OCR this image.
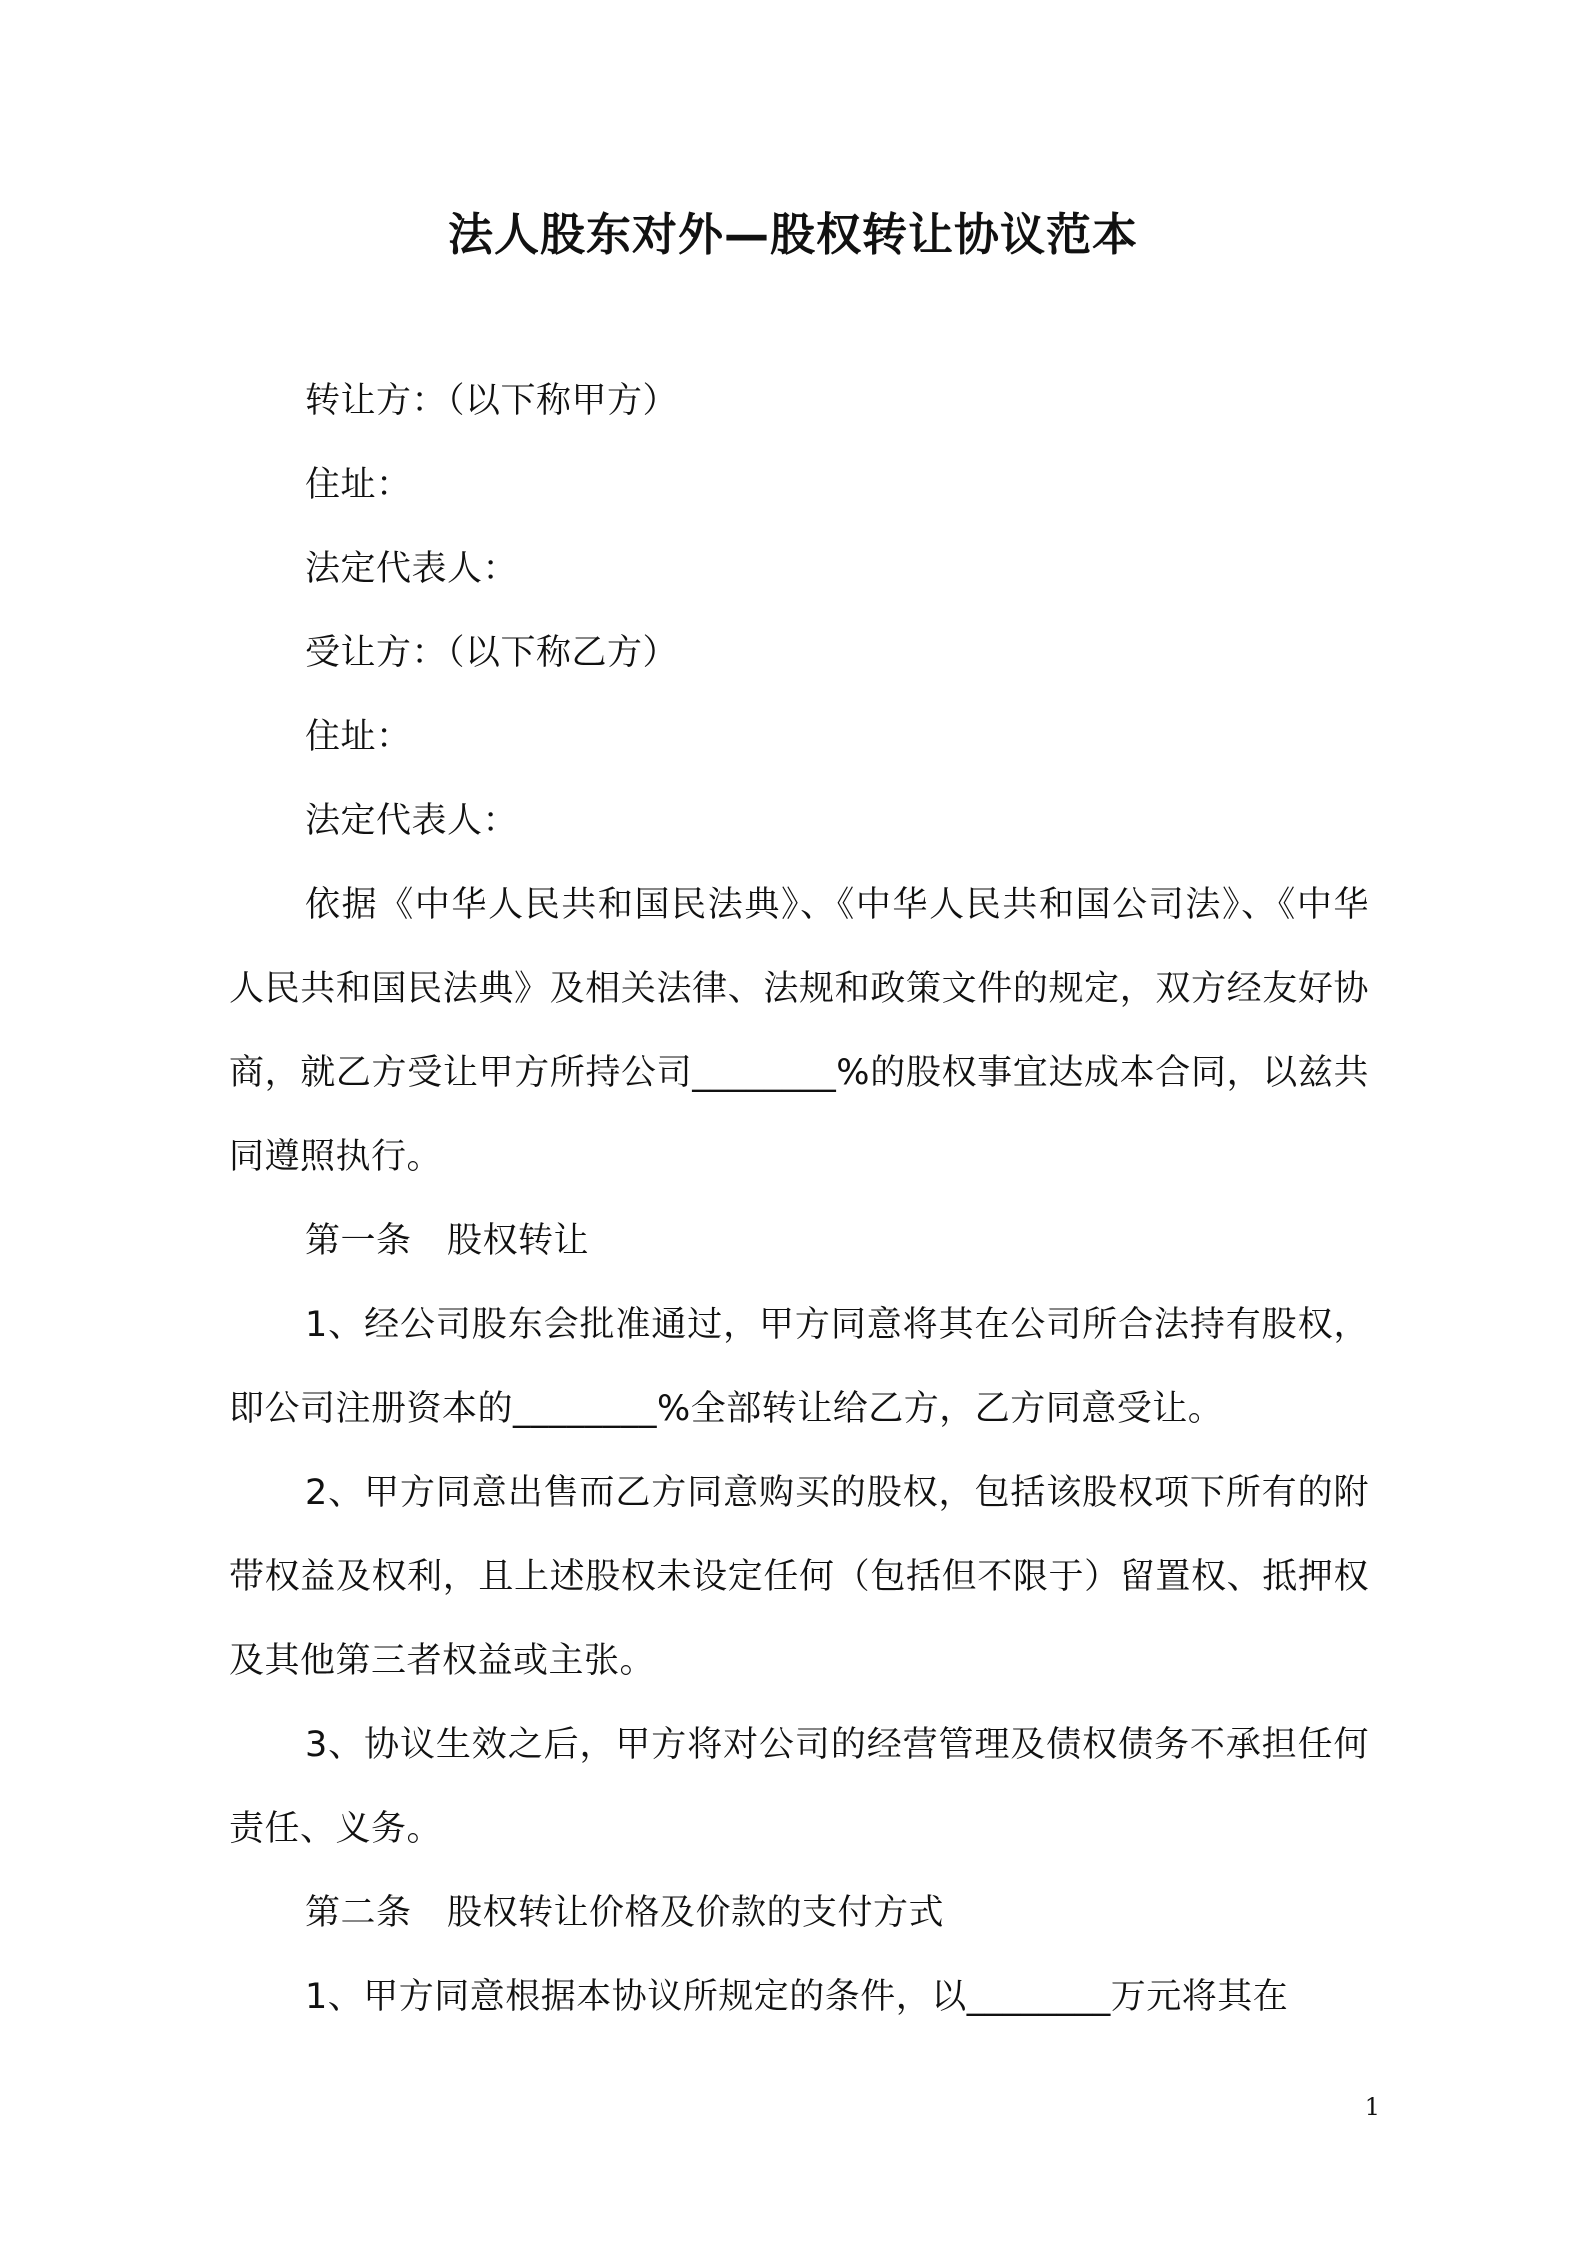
法人股东对外—股权转让协议范本

转让方：（以下称甲方）

住址：

法定代表人：

受让方：（以下称乙方）

住址：

法定代表人：

依据《中华人民共和国民法典》、《中华人民共和国公司法》、《中华人民共和国民法典》及相关法律、法规和政策文件的规定，双方经友好协商，就乙方受让甲方所持公司________%的股权事宜达成本合同，以兹共同遵照执行。

第一条　股权转让

1、经公司股东会批准通过，甲方同意将其在公司所合法持有股权，即公司注册资本的________%全部转让给乙方，乙方同意受让。

2、甲方同意出售而乙方同意购买的股权，包括该股权项下所有的附带权益及权利，且上述股权未设定任何（包括但不限于）留置权、抵押权及其他第三者权益或主张。

3、协议生效之后，甲方将对公司的经营管理及债权债务不承担任何责任、义务。

第二条　股权转让价格及价款的支付方式

1、甲方同意根据本协议所规定的条件，以________万元将其在

1
